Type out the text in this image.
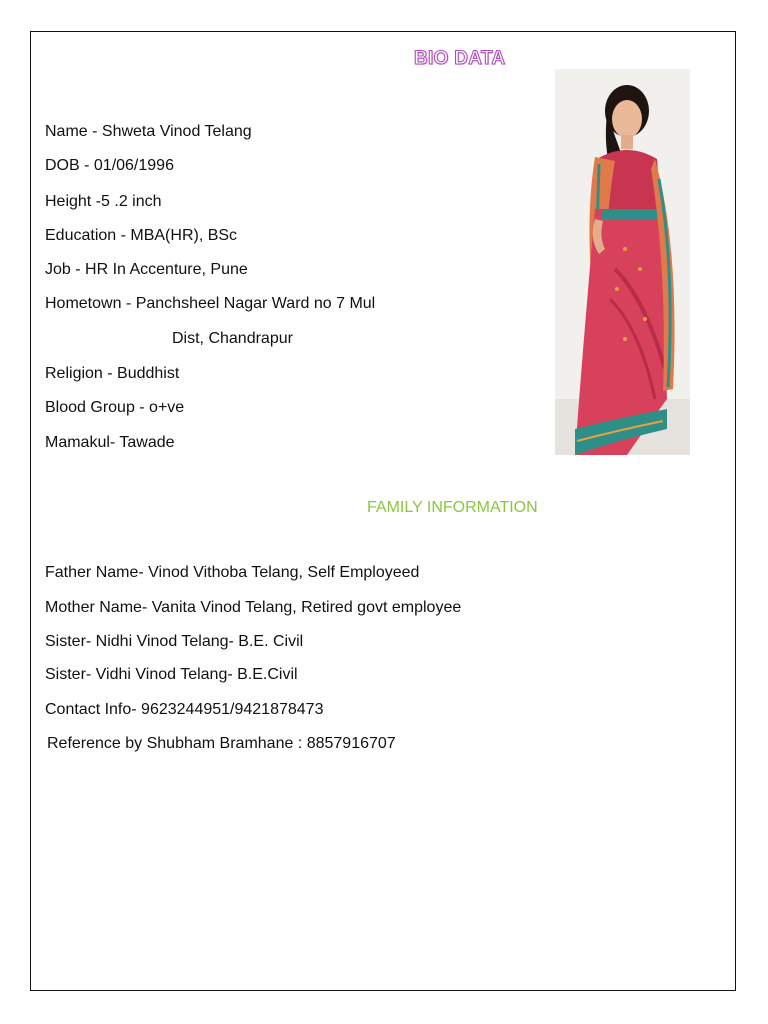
BIO DATA
Name - Shweta Vinod Telang
DOB - 01/06/1996
Height -5 .2 inch
Education - MBA(HR), BSc
Job - HR In Accenture, Pune
Hometown - Panchsheel Nagar Ward no 7 Mul
Dist, Chandrapur
Religion - Buddhist
Blood Group - o+ve
Mamakul- Tawade
FAMILY INFORMATION
Father Name- Vinod Vithoba Telang, Self Employeed
Mother Name- Vanita Vinod Telang, Retired govt employee
Sister- Nidhi Vinod Telang- B.E. Civil
Sister- Vidhi Vinod Telang- B.E.Civil
Contact Info- 9623244951/9421878473
Reference by Shubham Bramhane : 8857916707
